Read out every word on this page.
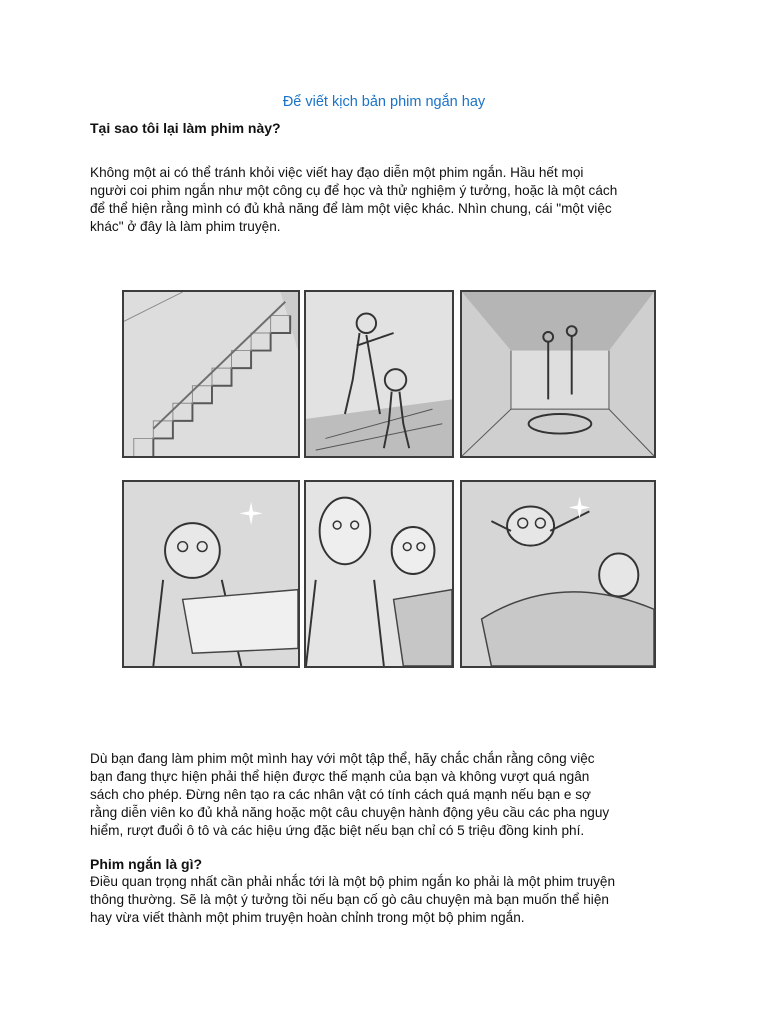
Để viết kịch bản phim ngắn hay
Tại sao tôi lại làm phim này?
Không một ai có thể tránh khỏi việc viết hay đạo diễn một phim ngắn. Hầu hết mọi
người coi phim ngắn như một công cụ để học và thử nghiệm ý tưởng, hoặc là một cách
để thể hiện rằng mình có đủ khả năng để làm một việc khác. Nhìn chung, cái "một việc
khác" ở đây là làm phim truyện.
Dù bạn đang làm phim một mình hay với một tập thể, hãy chắc chắn rằng công việc
bạn đang thực hiện phải thể hiện được thế mạnh của bạn và không vượt quá ngân
sách cho phép. Đừng nên tạo ra các nhân vật có tính cách quá mạnh nếu bạn e sợ
rằng diễn viên ko đủ khả năng hoặc một câu chuyện hành động yêu cầu các pha nguy
hiểm, rượt đuổi ô tô và các hiệu ứng đặc biệt nếu bạn chỉ có 5 triệu đồng kinh phí.
Phim ngắn là gì?
Điều quan trọng nhất cần phải nhắc tới là một bộ phim ngắn ko phải là một phim truyện
thông thường. Sẽ là một ý tưởng tồi nếu bạn cố gò câu chuyện mà bạn muốn thể hiện
hay vừa viết thành một phim truyện hoàn chỉnh trong một bộ phim ngắn.
